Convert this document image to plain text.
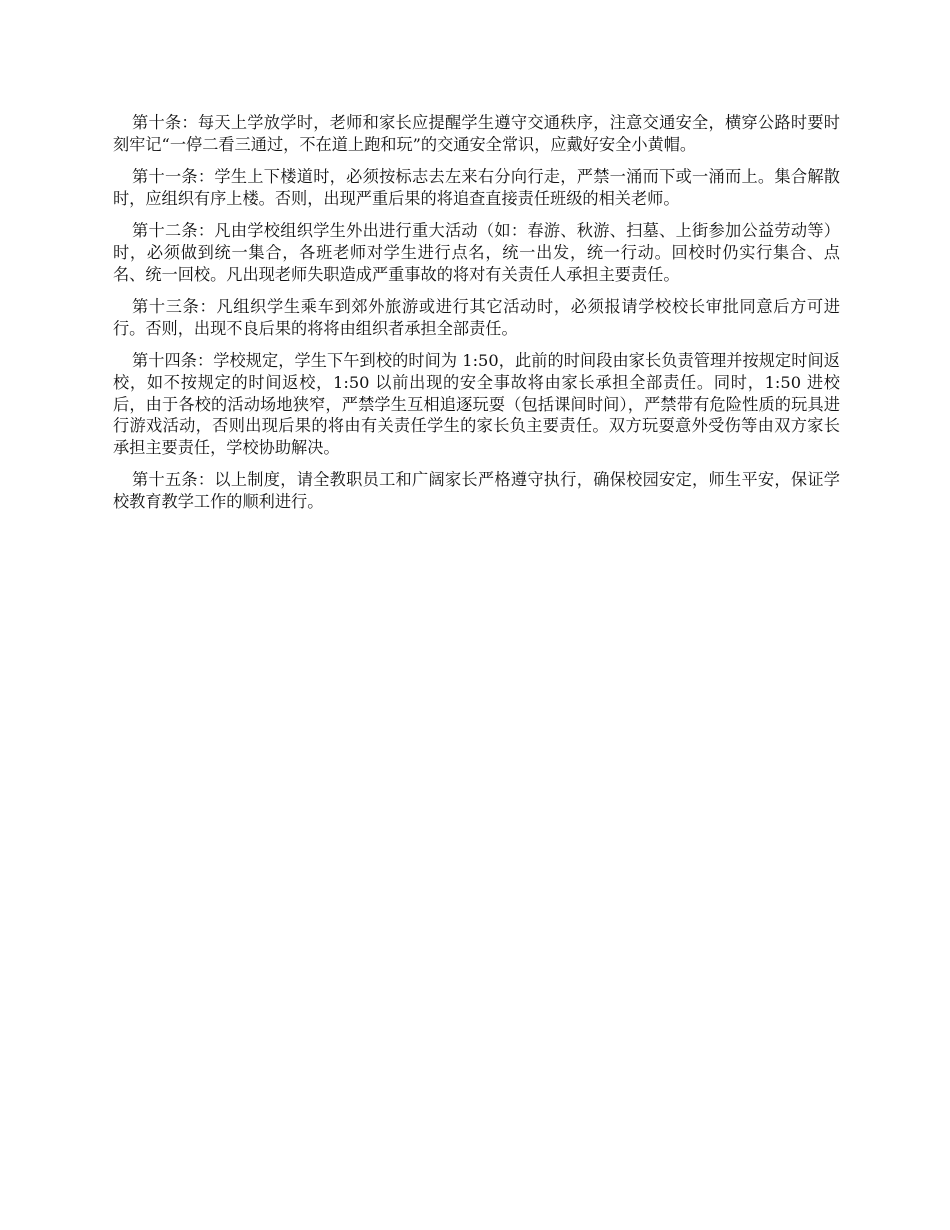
第十条：每天上学放学时，老师和家长应提醒学生遵守交通秩序，注意交通安全，横穿公路时要时刻牢记“一停二看三通过，不在道上跑和玩”的交通安全常识，应戴好安全小黄帽。

第十一条：学生上下楼道时，必须按标志去左来右分向行走，严禁一涌而下或一涌而上。集合解散时，应组织有序上楼。否则，出现严重后果的将追查直接责任班级的相关老师。

第十二条：凡由学校组织学生外出进行重大活动（如：春游、秋游、扫墓、上街参加公益劳动等）时，必须做到统一集合，各班老师对学生进行点名，统一出发，统一行动。回校时仍实行集合、点名、统一回校。凡出现老师失职造成严重事故的将对有关责任人承担主要责任。

第十三条：凡组织学生乘车到郊外旅游或进行其它活动时，必须报请学校校长审批同意后方可进行。否则，出现不良后果的将将由组织者承担全部责任。

第十四条：学校规定，学生下午到校的时间为 1:50，此前的时间段由家长负责管理并按规定时间返校，如不按规定的时间返校，1:50 以前出现的安全事故将由家长承担全部责任。同时，1:50 进校后，由于各校的活动场地狭窄，严禁学生互相追逐玩耍（包括课间时间），严禁带有危险性质的玩具进行游戏活动，否则出现后果的将由有关责任学生的家长负主要责任。双方玩耍意外受伤等由双方家长承担主要责任，学校协助解决。

第十五条：以上制度，请全教职员工和广阔家长严格遵守执行，确保校园安定，师生平安，保证学校教育教学工作的顺利进行。
